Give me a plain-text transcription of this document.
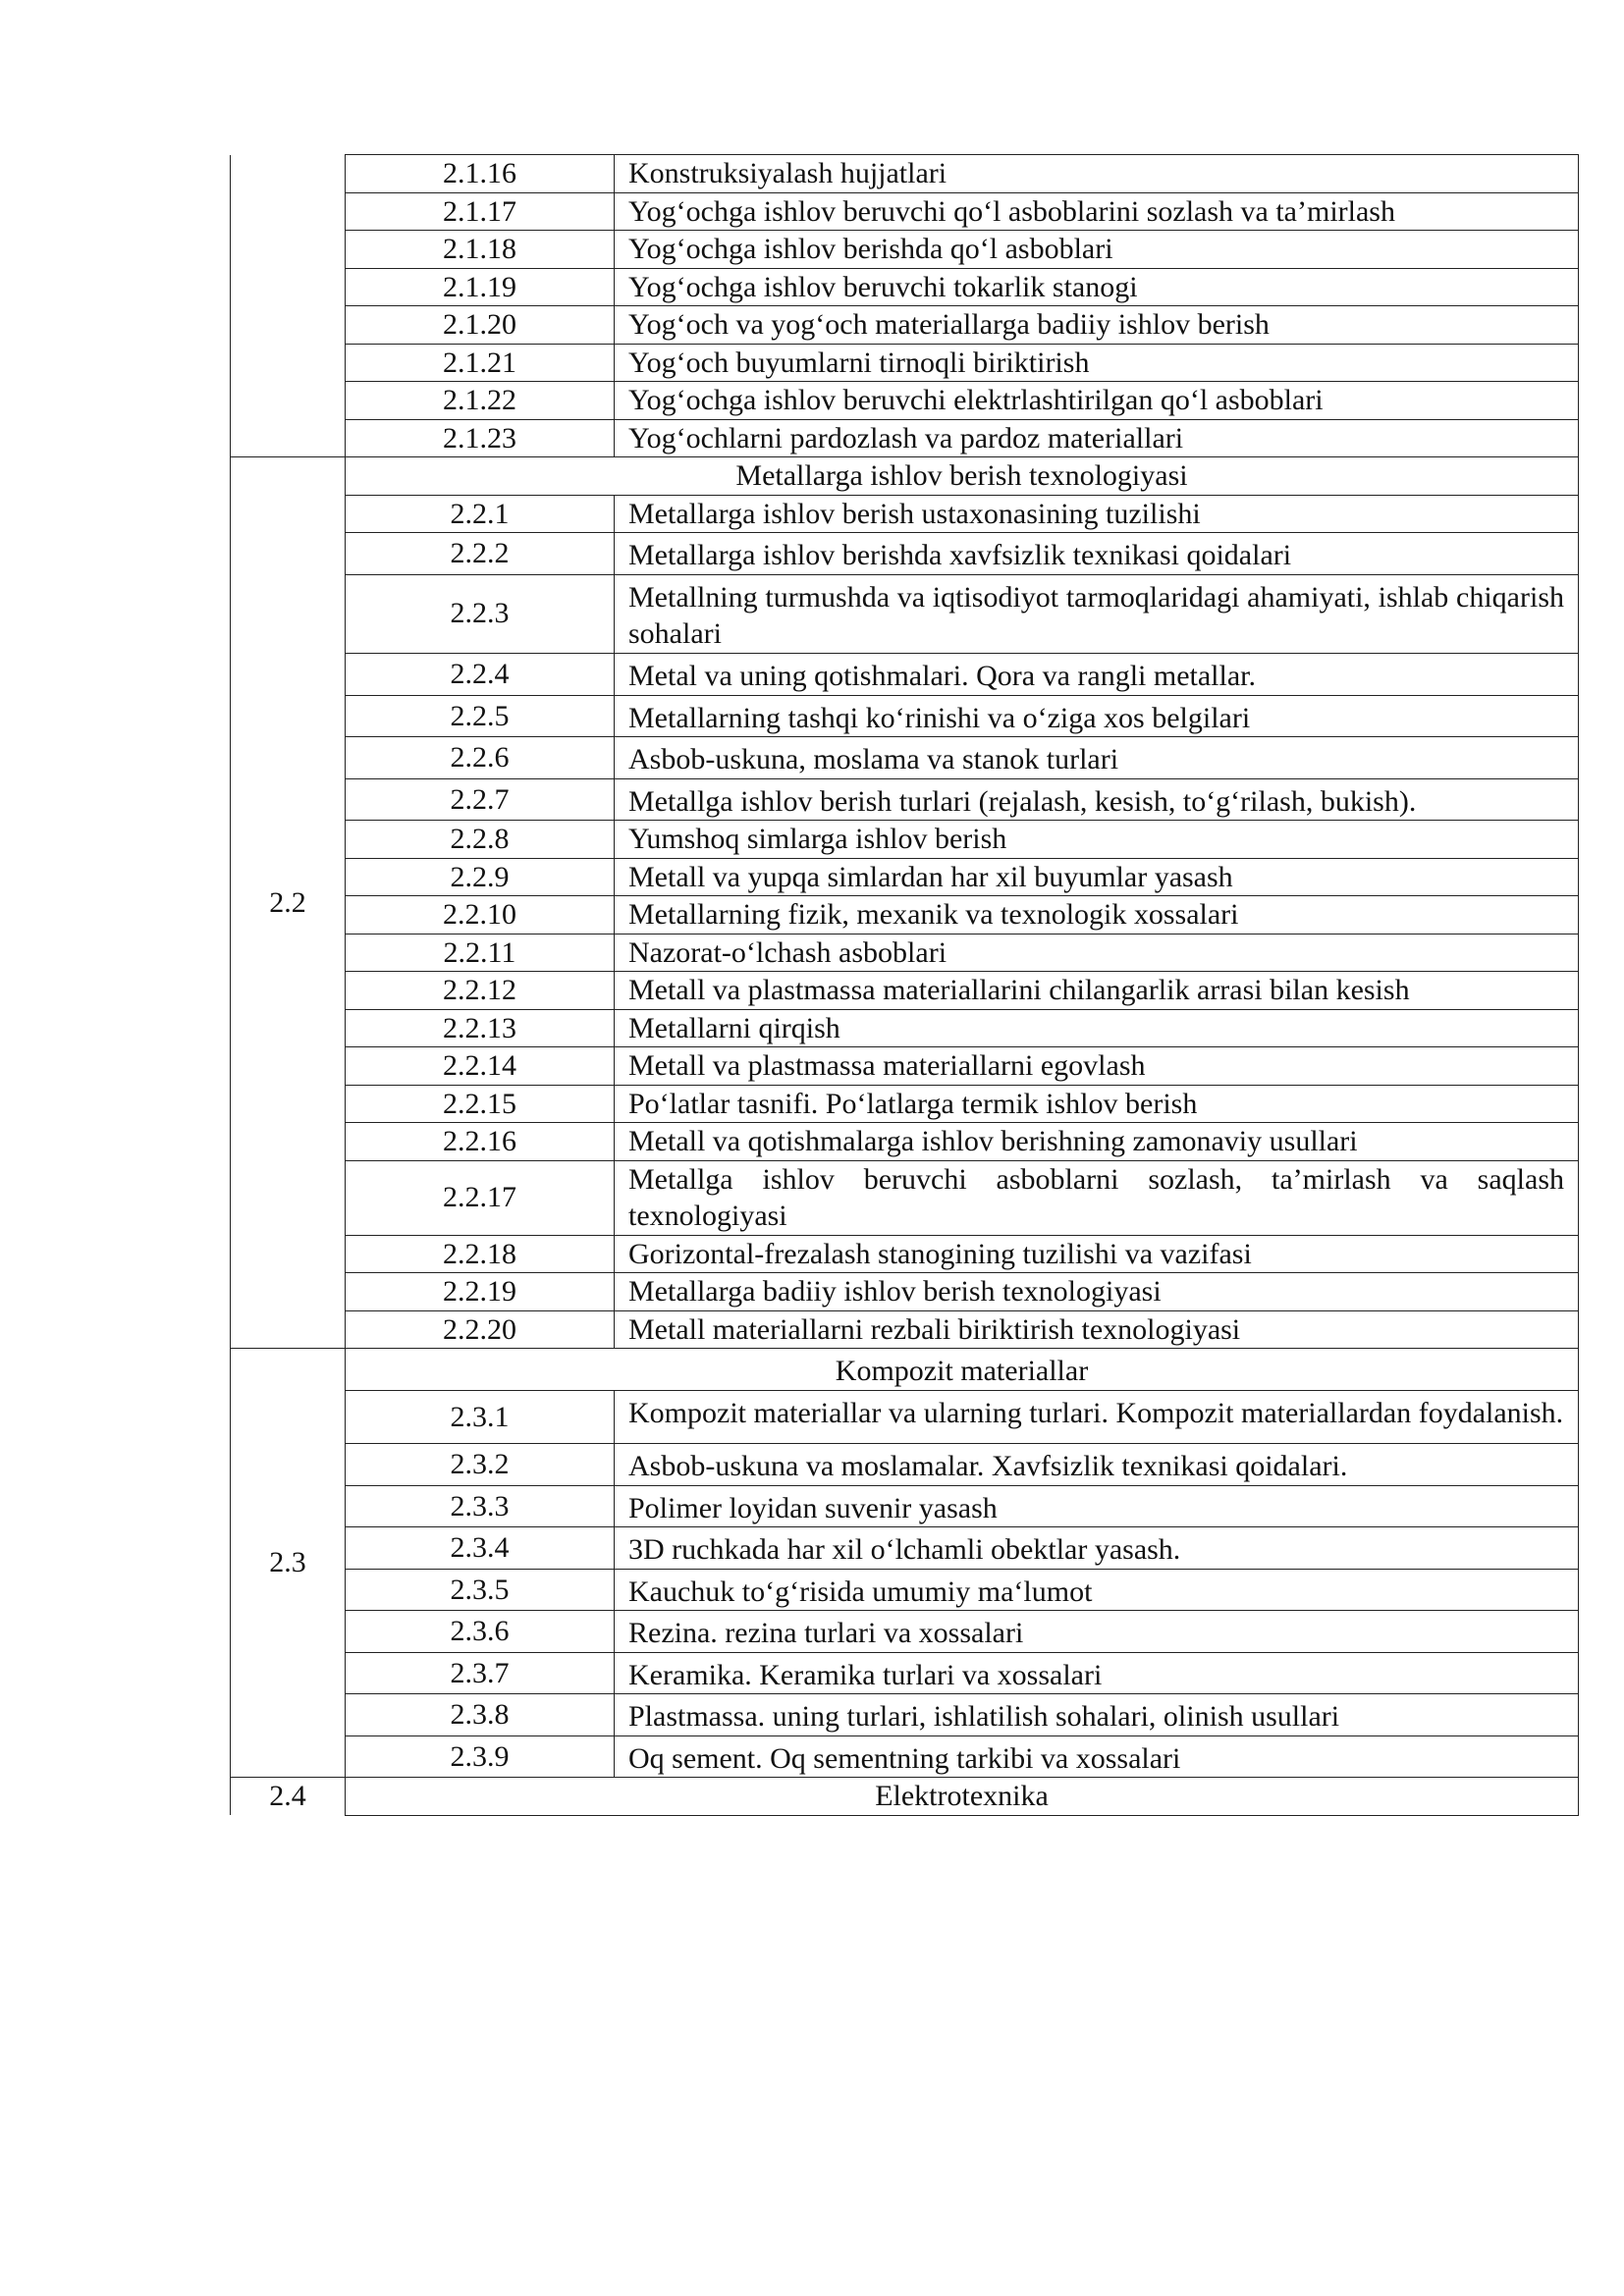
	2.1.16	Konstruksiyalash hujjatlari
	2.1.17	Yog‘ochga ishlov beruvchi qo‘l asboblarini sozlash va ta’mirlash
	2.1.18	Yog‘ochga ishlov berishda qo‘l asboblari
	2.1.19	Yog‘ochga ishlov beruvchi tokarlik stanogi
	2.1.20	Yog‘och va yog‘och materiallarga badiiy ishlov berish
	2.1.21	Yog‘och buyumlarni tirnoqli biriktirish
	2.1.22	Yog‘ochga ishlov beruvchi elektrlashtirilgan qo‘l asboblari
	2.1.23	Yog‘ochlarni pardozlash va pardoz materiallari
2.2	Metallarga ishlov berish texnologiyasi	
	2.2.1	Metallarga ishlov berish ustaxonasining tuzilishi
	2.2.2	Metallarga ishlov berishda xavfsizlik texnikasi qoidalari
	2.2.3	Metallning turmushda va iqtisodiyot tarmoqlaridagi ahamiyati, ishlab chiqarish sohalari
	2.2.4	Metal va uning qotishmalari. Qora va rangli metallar.
	2.2.5	Metallarning tashqi ko‘rinishi va o‘ziga xos belgilari
	2.2.6	Asbob-uskuna, moslama va stanok turlari
	2.2.7	Metallga ishlov berish turlari (rejalash, kesish, to‘g‘rilash, bukish).
	2.2.8	Yumshoq simlarga ishlov berish
	2.2.9	Metall va yupqa simlardan har xil buyumlar yasash
	2.2.10	Metallarning fizik, mexanik va texnologik xossalari
	2.2.11	Nazorat-o‘lchash asboblari
	2.2.12	Metall va plastmassa materiallarini chilangarlik arrasi bilan kesish
	2.2.13	Metallarni qirqish
	2.2.14	Metall va plastmassa materiallarni egovlash
	2.2.15	Po‘latlar tasnifi. Po‘latlarga termik ishlov berish
	2.2.16	Metall va qotishmalarga ishlov berishning zamonaviy usullari
	2.2.17	Metallga ishlov beruvchi asboblarni sozlash, ta’mirlash va saqlash texnologiyasi
	2.2.18	Gorizontal-frezalash stanogining tuzilishi va vazifasi
	2.2.19	Metallarga badiiy ishlov berish texnologiyasi
	2.2.20	Metall materiallarni rezbali biriktirish texnologiyasi
2.3	Kompozit materiallar	
	2.3.1	Kompozit materiallar va ularning turlari. Kompozit materiallardan foydalanish.
	2.3.2	Asbob-uskuna va moslamalar. Xavfsizlik texnikasi qoidalari.
	2.3.3	Polimer loyidan suvenir yasash
	2.3.4	3D ruchkada har xil o‘lchamli obektlar yasash.
	2.3.5	Kauchuk to‘g‘risida umumiy ma‘lumot
	2.3.6	Rezina. rezina turlari va xossalari
	2.3.7	Keramika. Keramika turlari va xossalari
	2.3.8	Plastmassa. uning turlari, ishlatilish sohalari, olinish usullari
	2.3.9	Oq sement. Oq sementning tarkibi va xossalari
2.4	Elektrotexnika	
